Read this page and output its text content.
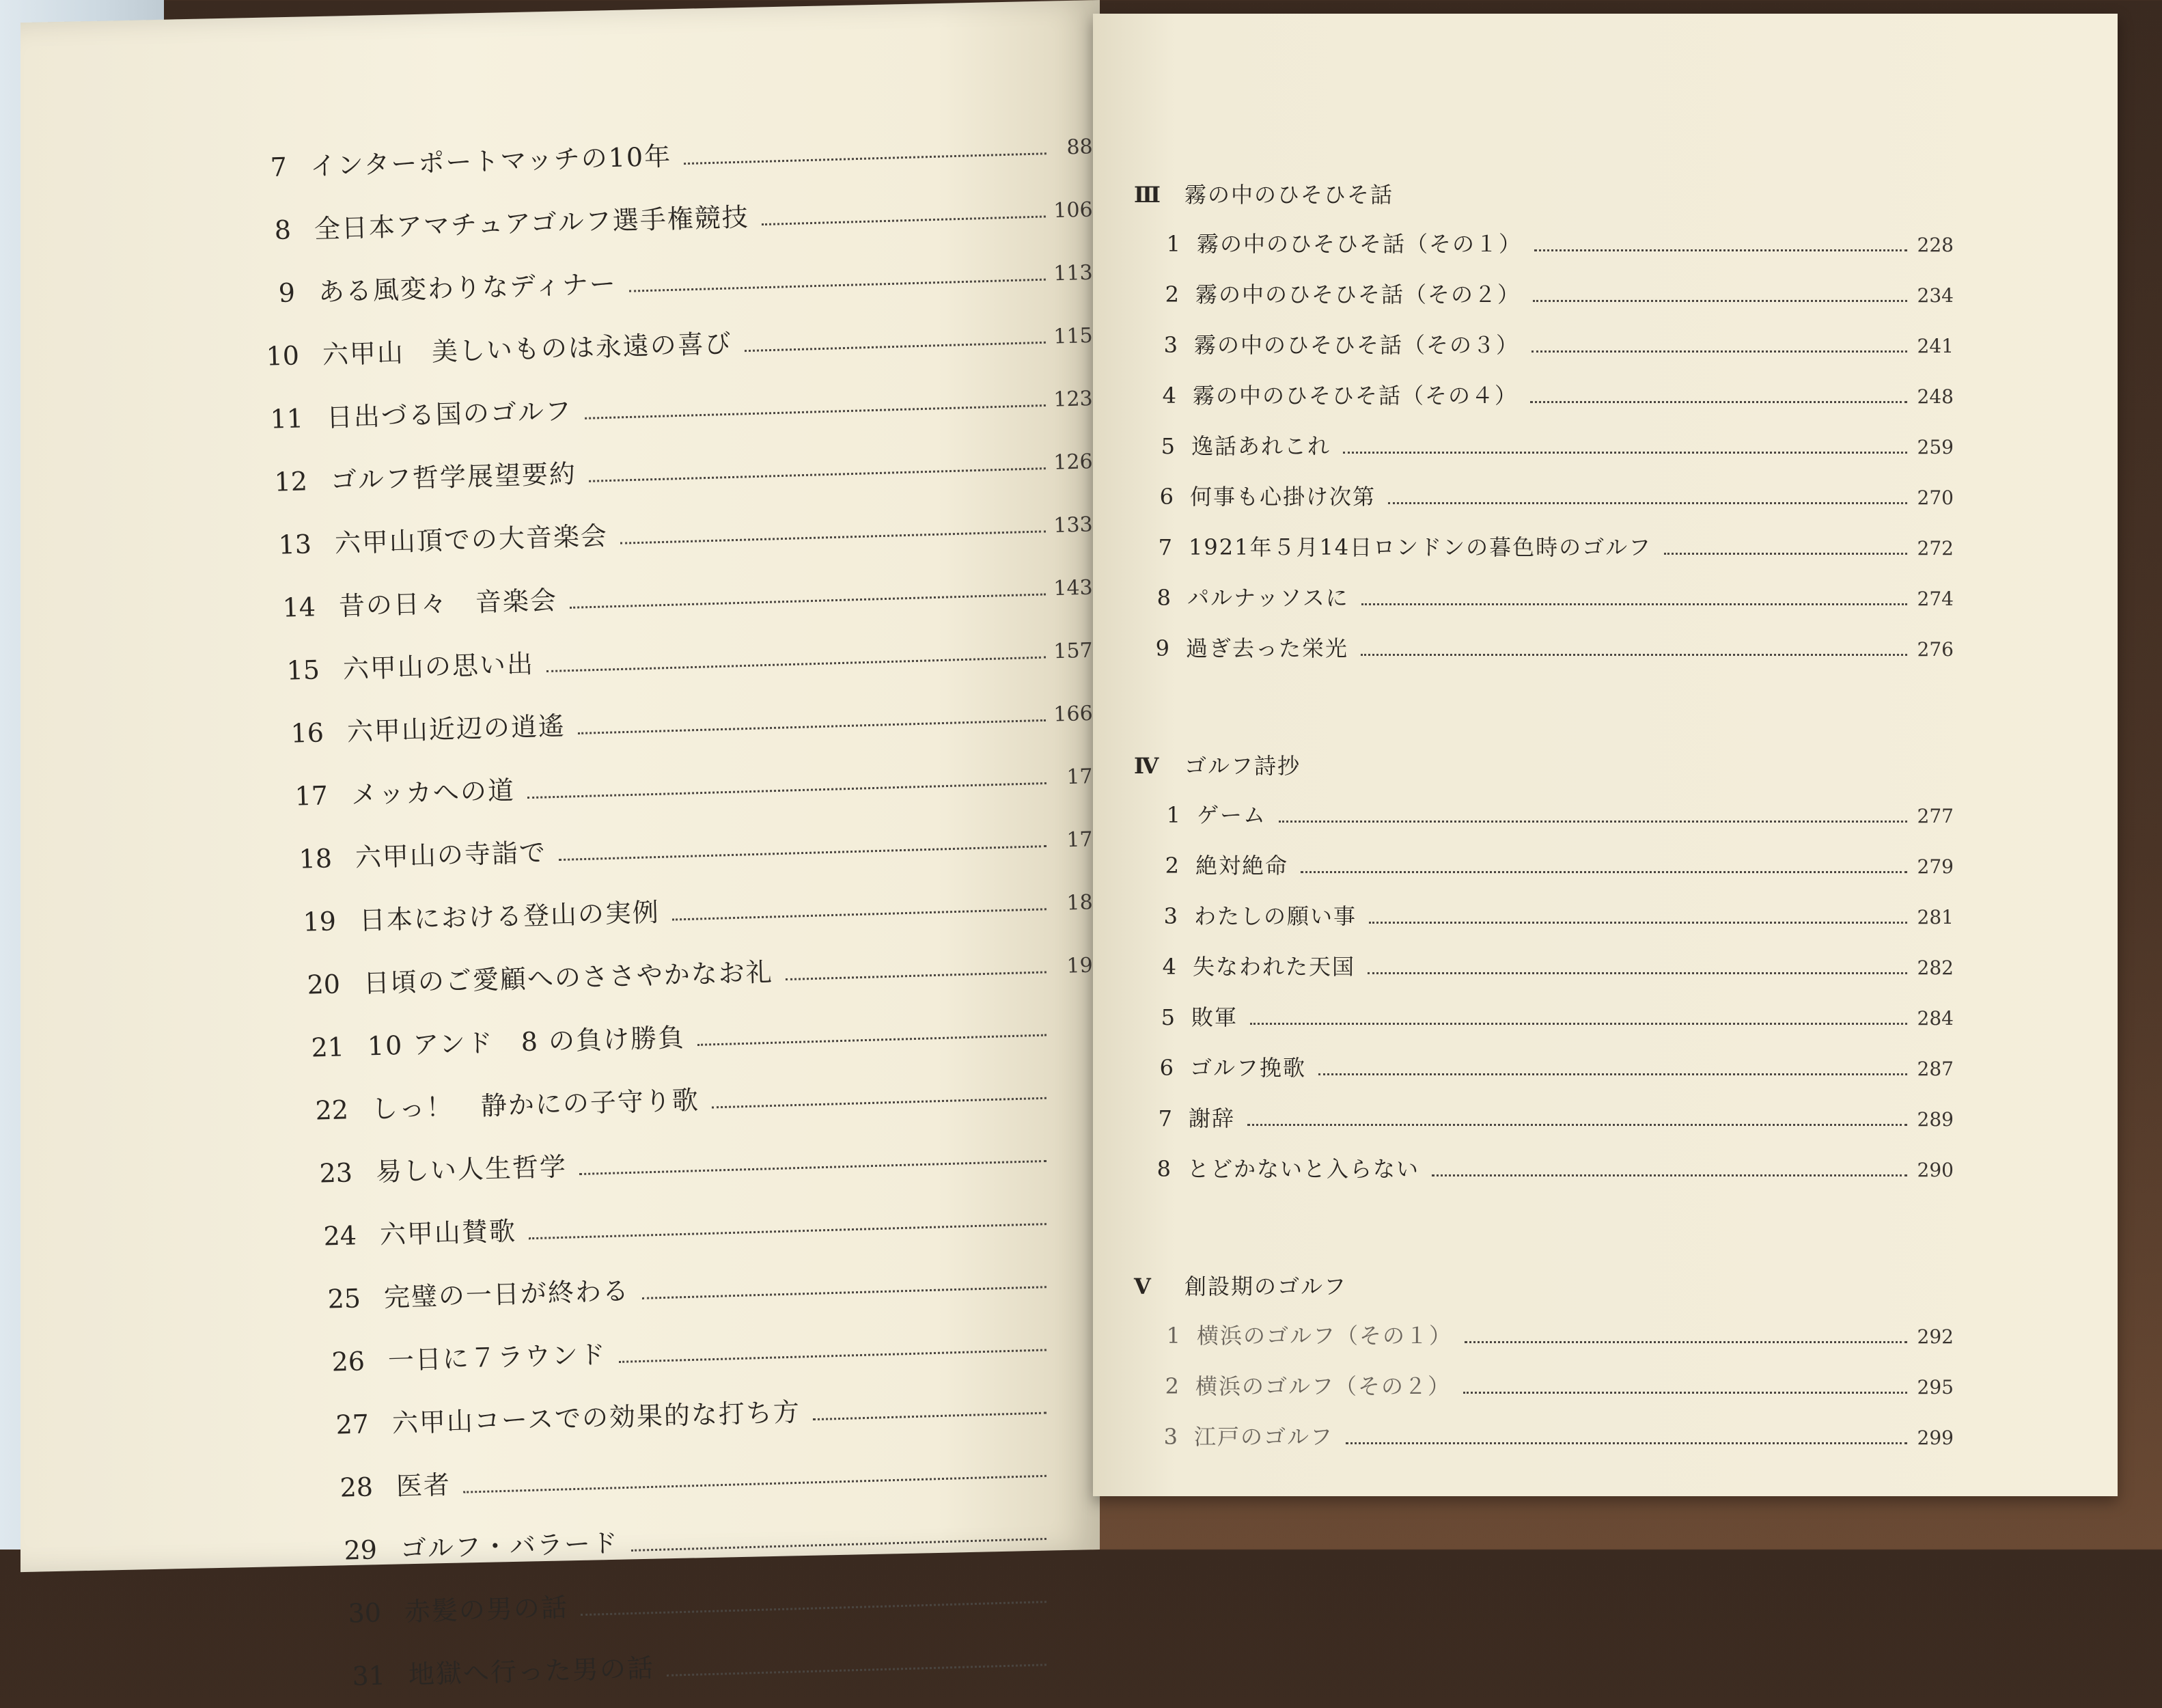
7 インターポートマッチの10年	88
8 全日本アマチュアゴルフ選手権競技	106
9 ある風変わりなディナー	113
10 六甲山　美しいものは永遠の喜び	115
11 日出づる国のゴルフ	123
12 ゴルフ哲学展望要約	126
13 六甲山頂での大音楽会	133
14 昔の日々　音楽会	143
15 六甲山の思い出	157
16 六甲山近辺の逍遙	166
17 メッカへの道	17
18 六甲山の寺詣で	17
19 日本における登山の実例	18
20 日頃のご愛顧へのささやかなお礼	19
21 10 アンド　8 の負け勝負
22 しっ！　静かにの子守り歌
23 易しい人生哲学
24 六甲山賛歌
25 完璧の一日が終わる
26 一日に７ラウンド
27 六甲山コースでの効果的な打ち方
28 医者
29 ゴルフ・バラード
30 赤髪の男の話
31 地獄へ行った男の話
Ⅲ 霧の中のひそひそ話
1 霧の中のひそひそ話（その１）	228
2 霧の中のひそひそ話（その２）	234
3 霧の中のひそひそ話（その３）	241
4 霧の中のひそひそ話（その４）	248
5 逸話あれこれ	259
6 何事も心掛け次第	270
7 1921年５月14日ロンドンの暮色時のゴルフ	272
8 パルナッソスに	274
9 過ぎ去った栄光	276
Ⅳ ゴルフ詩抄
1 ゲーム	277
2 絶対絶命	279
3 わたしの願い事	281
4 失なわれた天国	282
5 敗軍	284
6 ゴルフ挽歌	287
7 謝辞	289
8 とどかないと入らない	290
Ⅴ 創設期のゴルフ
1 横浜のゴルフ（その１）	292
2 横浜のゴルフ（その２）	295
3 江戸のゴルフ	299
